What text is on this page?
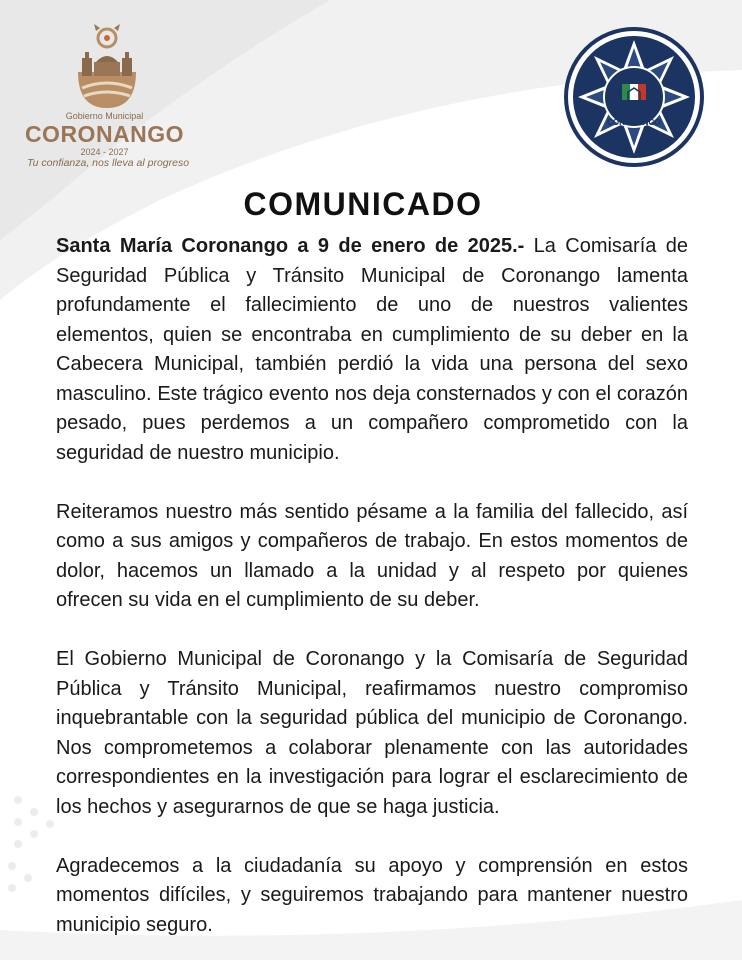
Gobierno Municipal
CORONANGO
2024 - 2027
Tu confianza, nos lleva al progreso
CORONANGO
COMUNICADO

Santa María Coronango a 9 de enero de 2025.- La Comisaría de Seguridad Pública y Tránsito Municipal de Coronango lamenta profundamente el fallecimiento de uno de nuestros valientes elementos, quien se encontraba en cumplimiento de su deber en la Cabecera Municipal, también perdió la vida una persona del sexo masculino. Este trágico evento nos deja consternados y con el corazón pesado, pues perdemos a un compañero comprometido con la seguridad de nuestro municipio.

Reiteramos nuestro más sentido pésame a la familia del fallecido, así como a sus amigos y compañeros de trabajo. En estos momentos de dolor, hacemos un llamado a la unidad y al respeto por quienes ofrecen su vida en el cumplimiento de su deber.

El Gobierno Municipal de Coronango y la Comisaría de Seguridad Pública y Tránsito Municipal, reafirmamos nuestro compromiso inquebrantable con la seguridad pública del municipio de Coronango. Nos comprometemos a colaborar plenamente con las autoridades correspondientes en la investigación para lograr el esclarecimiento de los hechos y asegurarnos de que se haga justicia.

Agradecemos a la ciudadanía su apoyo y comprensión en estos momentos difíciles, y seguiremos trabajando para mantener nuestro municipio seguro.
